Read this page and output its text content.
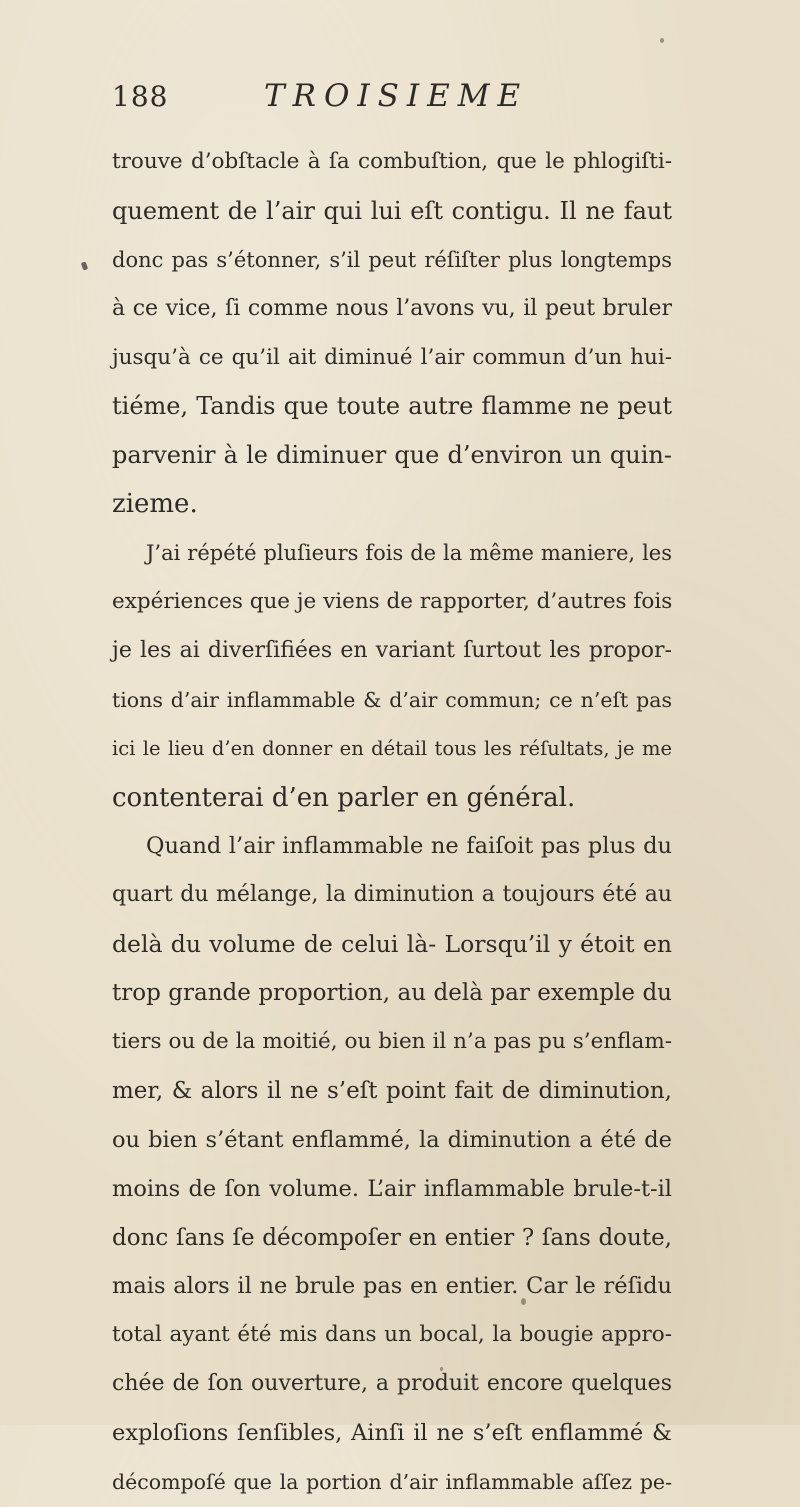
188	TROISIEME
trouve d’obſtacle à ſa combuſtion, que le phlogiſti-
quement de l’air qui lui eſt contigu. Il ne faut
donc pas s’étonner, s’il peut réſiſter plus longtemps
à ce vice, ſi comme nous l’avons vu, il peut bruler
jusqu’à ce qu’il ait diminué l’air commun d’un hui-
tiéme, Tandis que toute autre flamme ne peut
parvenir à le diminuer que d’environ un quin-
zieme.
J’ai répété pluſieurs fois de la même maniere, les
expériences que je viens de rapporter, d’autres fois
je les ai diverſifiées en variant ſurtout les propor-
tions d’air inflammable & d’air commun; ce n’eſt pas
ici le lieu d’en donner en détail tous les réſultats, je me
contenterai d’en parler en général.
Quand l’air inflammable ne faiſoit pas plus du
quart du mélange, la diminution a toujours été au
delà du volume de celui là- Lorsqu’il y étoit en
trop grande proportion, au delà par exemple du
tiers ou de la moitié, ou bien il n’a pas pu s’enflam-
mer, & alors il ne s’eſt point fait de diminution,
ou bien s’étant enflammé, la diminution a été de
moins de ſon volume. L’air inflammable brule-t-il
donc ſans ſe décompoſer en entier ? ſans doute,
mais alors il ne brule pas en entier. Car le réſidu
total ayant été mis dans un bocal, la bougie appro-
chée de ſon ouverture, a produit encore quelques
exploſions ſenſibles, Ainſi il ne s’eſt enflammé &
décompoſé que la portion d’air inflammable aſſez pe-
